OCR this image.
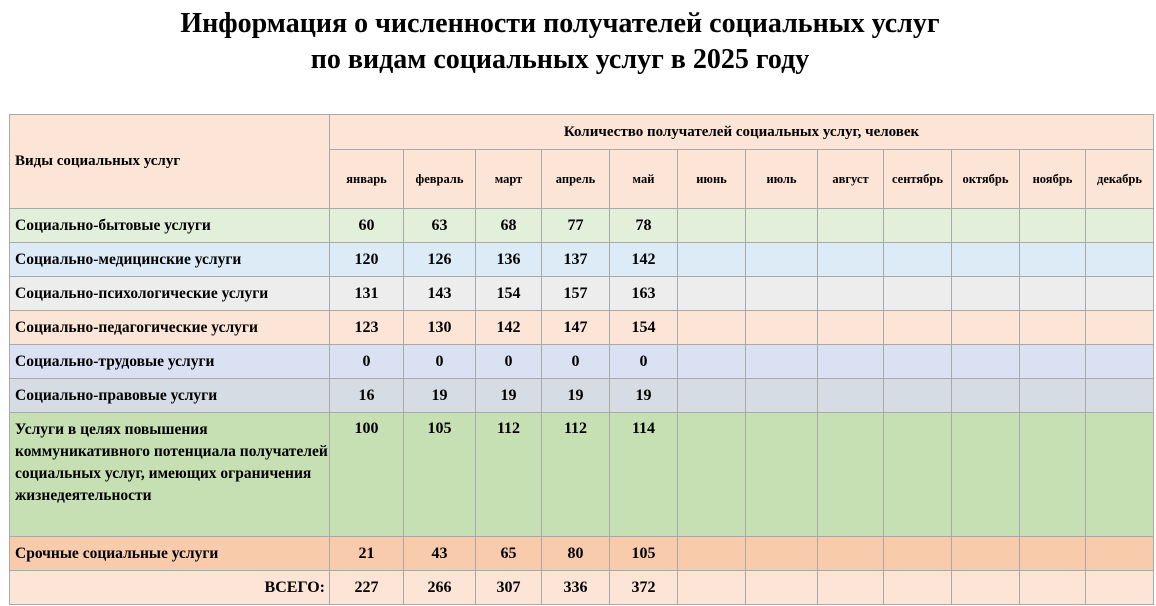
Информация о численности получателей социальных услуг
по видам социальных услуг в 2025 году
Виды социальных услуг	Количество получателей социальных услуг, человек											
	январь	февраль	март	апрель	май	июнь	июль	август	сентябрь	октябрь	ноябрь	декабрь
Социально-бытовые услуги	60	63	68	77	78							
Социально-медицинские услуги	120	126	136	137	142							
Социально-психологические услуги	131	143	154	157	163							
Социально-педагогические услуги	123	130	142	147	154							
Социально-трудовые услуги	0	0	0	0	0							
Социально-правовые услуги	16	19	19	19	19							
Услуги в целях повышения коммуникативного потенциала получателей социальных услуг, имеющих ограничения жизнедеятельности	100	105	112	112	114							
Срочные социальные услуги	21	43	65	80	105							
ВСЕГО:	227	266	307	336	372							
